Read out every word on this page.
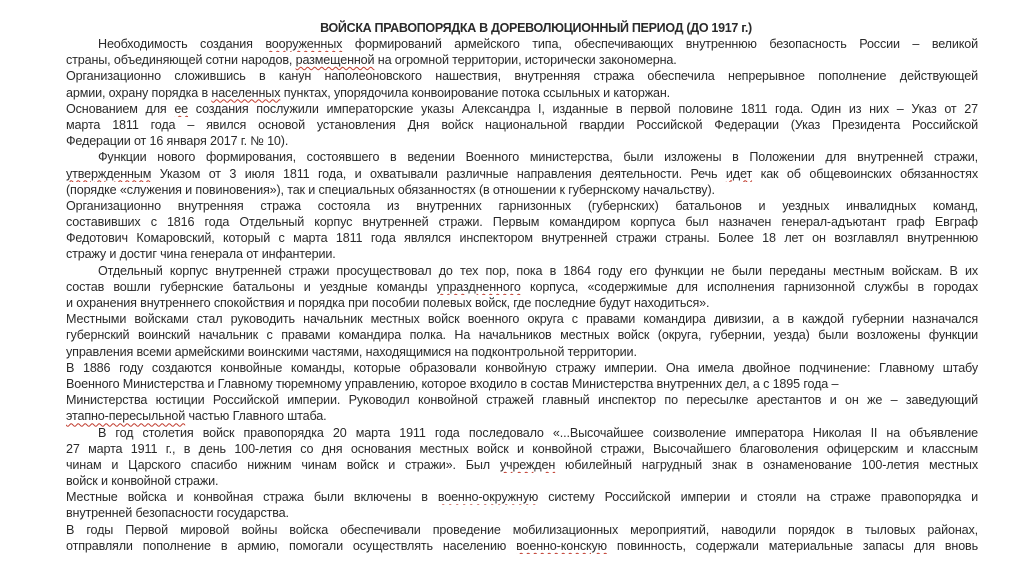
ВОЙСКА ПРАВОПОРЯДКА В ДОРЕВОЛЮЦИОННЫЙ ПЕРИОД (ДО 1917 г.)
Необходимость создания вооруженных формирований армейского типа, обеспечивающих внутреннюю безопасность России – великой
страны, объединяющей сотни народов, размещенной на огромной территории, исторически закономерна.
Организационно сложившись в канун наполеоновского нашествия, внутренняя стража обеспечила непрерывное пополнение действующей
армии, охрану порядка в населенных пунктах, упорядочила конвоирование потока ссыльных и каторжан.
Основанием для ее создания послужили императорские указы Александра I, изданные в первой половине 1811 года. Один из них – Указ от 27
марта 1811 года – явился основой установления Дня войск национальной гвардии Российской Федерации (Указ Президента Российской
Федерации от 16 января 2017 г. № 10).
Функции нового формирования, состоявшего в ведении Военного министерства, были изложены в Положении для внутренней стражи,
утвержденным Указом от 3 июля 1811 года, и охватывали различные направления деятельности. Речь идет как об общевоинских обязанностях
(порядке «служения и повиновения»), так и специальных обязанностях (в отношении к губернскому начальству).
Организационно внутренняя стража состояла из внутренних гарнизонных (губернских) батальонов и уездных инвалидных команд,
составивших с 1816 года Отдельный корпус внутренней стражи. Первым командиром корпуса был назначен генерал-адъютант граф Евграф
Федотович Комаровский, который с марта 1811 года являлся инспектором внутренней стражи страны. Более 18 лет он возглавлял внутреннюю
стражу и достиг чина генерала от инфантерии.
Отдельный корпус внутренней стражи просуществовал до тех пор, пока в 1864 году его функции не были переданы местным войскам. В их
состав вошли губернские батальоны и уездные команды упраздненного корпуса, «содержимые для исполнения гарнизонной службы в городах
и охранения внутреннего спокойствия и порядка при пособии полевых войск, где последние будут находиться».
Местными войсками стал руководить начальник местных войск военного округа с правами командира дивизии, а в каждой губернии назначался
губернский воинский начальник с правами командира полка. На начальников местных войск (округа, губернии, уезда) были возложены функции
управления всеми армейскими воинскими частями, находящимися на подконтрольной территории.
В 1886 году создаются конвойные команды, которые образовали конвойную стражу империи. Она имела двойное подчинение: Главному штабу
Военного Министерства и Главному тюремному управлению, которое входило в состав Министерства внутренних дел, а с 1895 года –
Министерства юстиции Российской империи. Руководил конвойной стражей главный инспектор по пересылке арестантов и он же – заведующий
этапно-пересыльной частью Главного штаба.
В год столетия войск правопорядка 20 марта 1911 года последовало «...Высочайшее соизволение императора Николая II на объявление
27 марта 1911 г., в день 100-летия со дня основания местных войск и конвойной стражи, Высочайшего благоволения офицерским и классным
чинам и Царского спасибо нижним чинам войск и стражи». Был учрежден юбилейный нагрудный знак в ознаменование 100-летия местных
войск и конвойной стражи.
Местные войска и конвойная стража были включены в военно-окружную систему Российской империи и стояли на страже правопорядка и
внутренней безопасности государства.
В годы Первой мировой войны войска обеспечивали проведение мобилизационных мероприятий, наводили порядок в тыловых районах,
отправляли пополнение в армию, помогали осуществлять населению военно-конскую повинность, содержали материальные запасы для вновь
